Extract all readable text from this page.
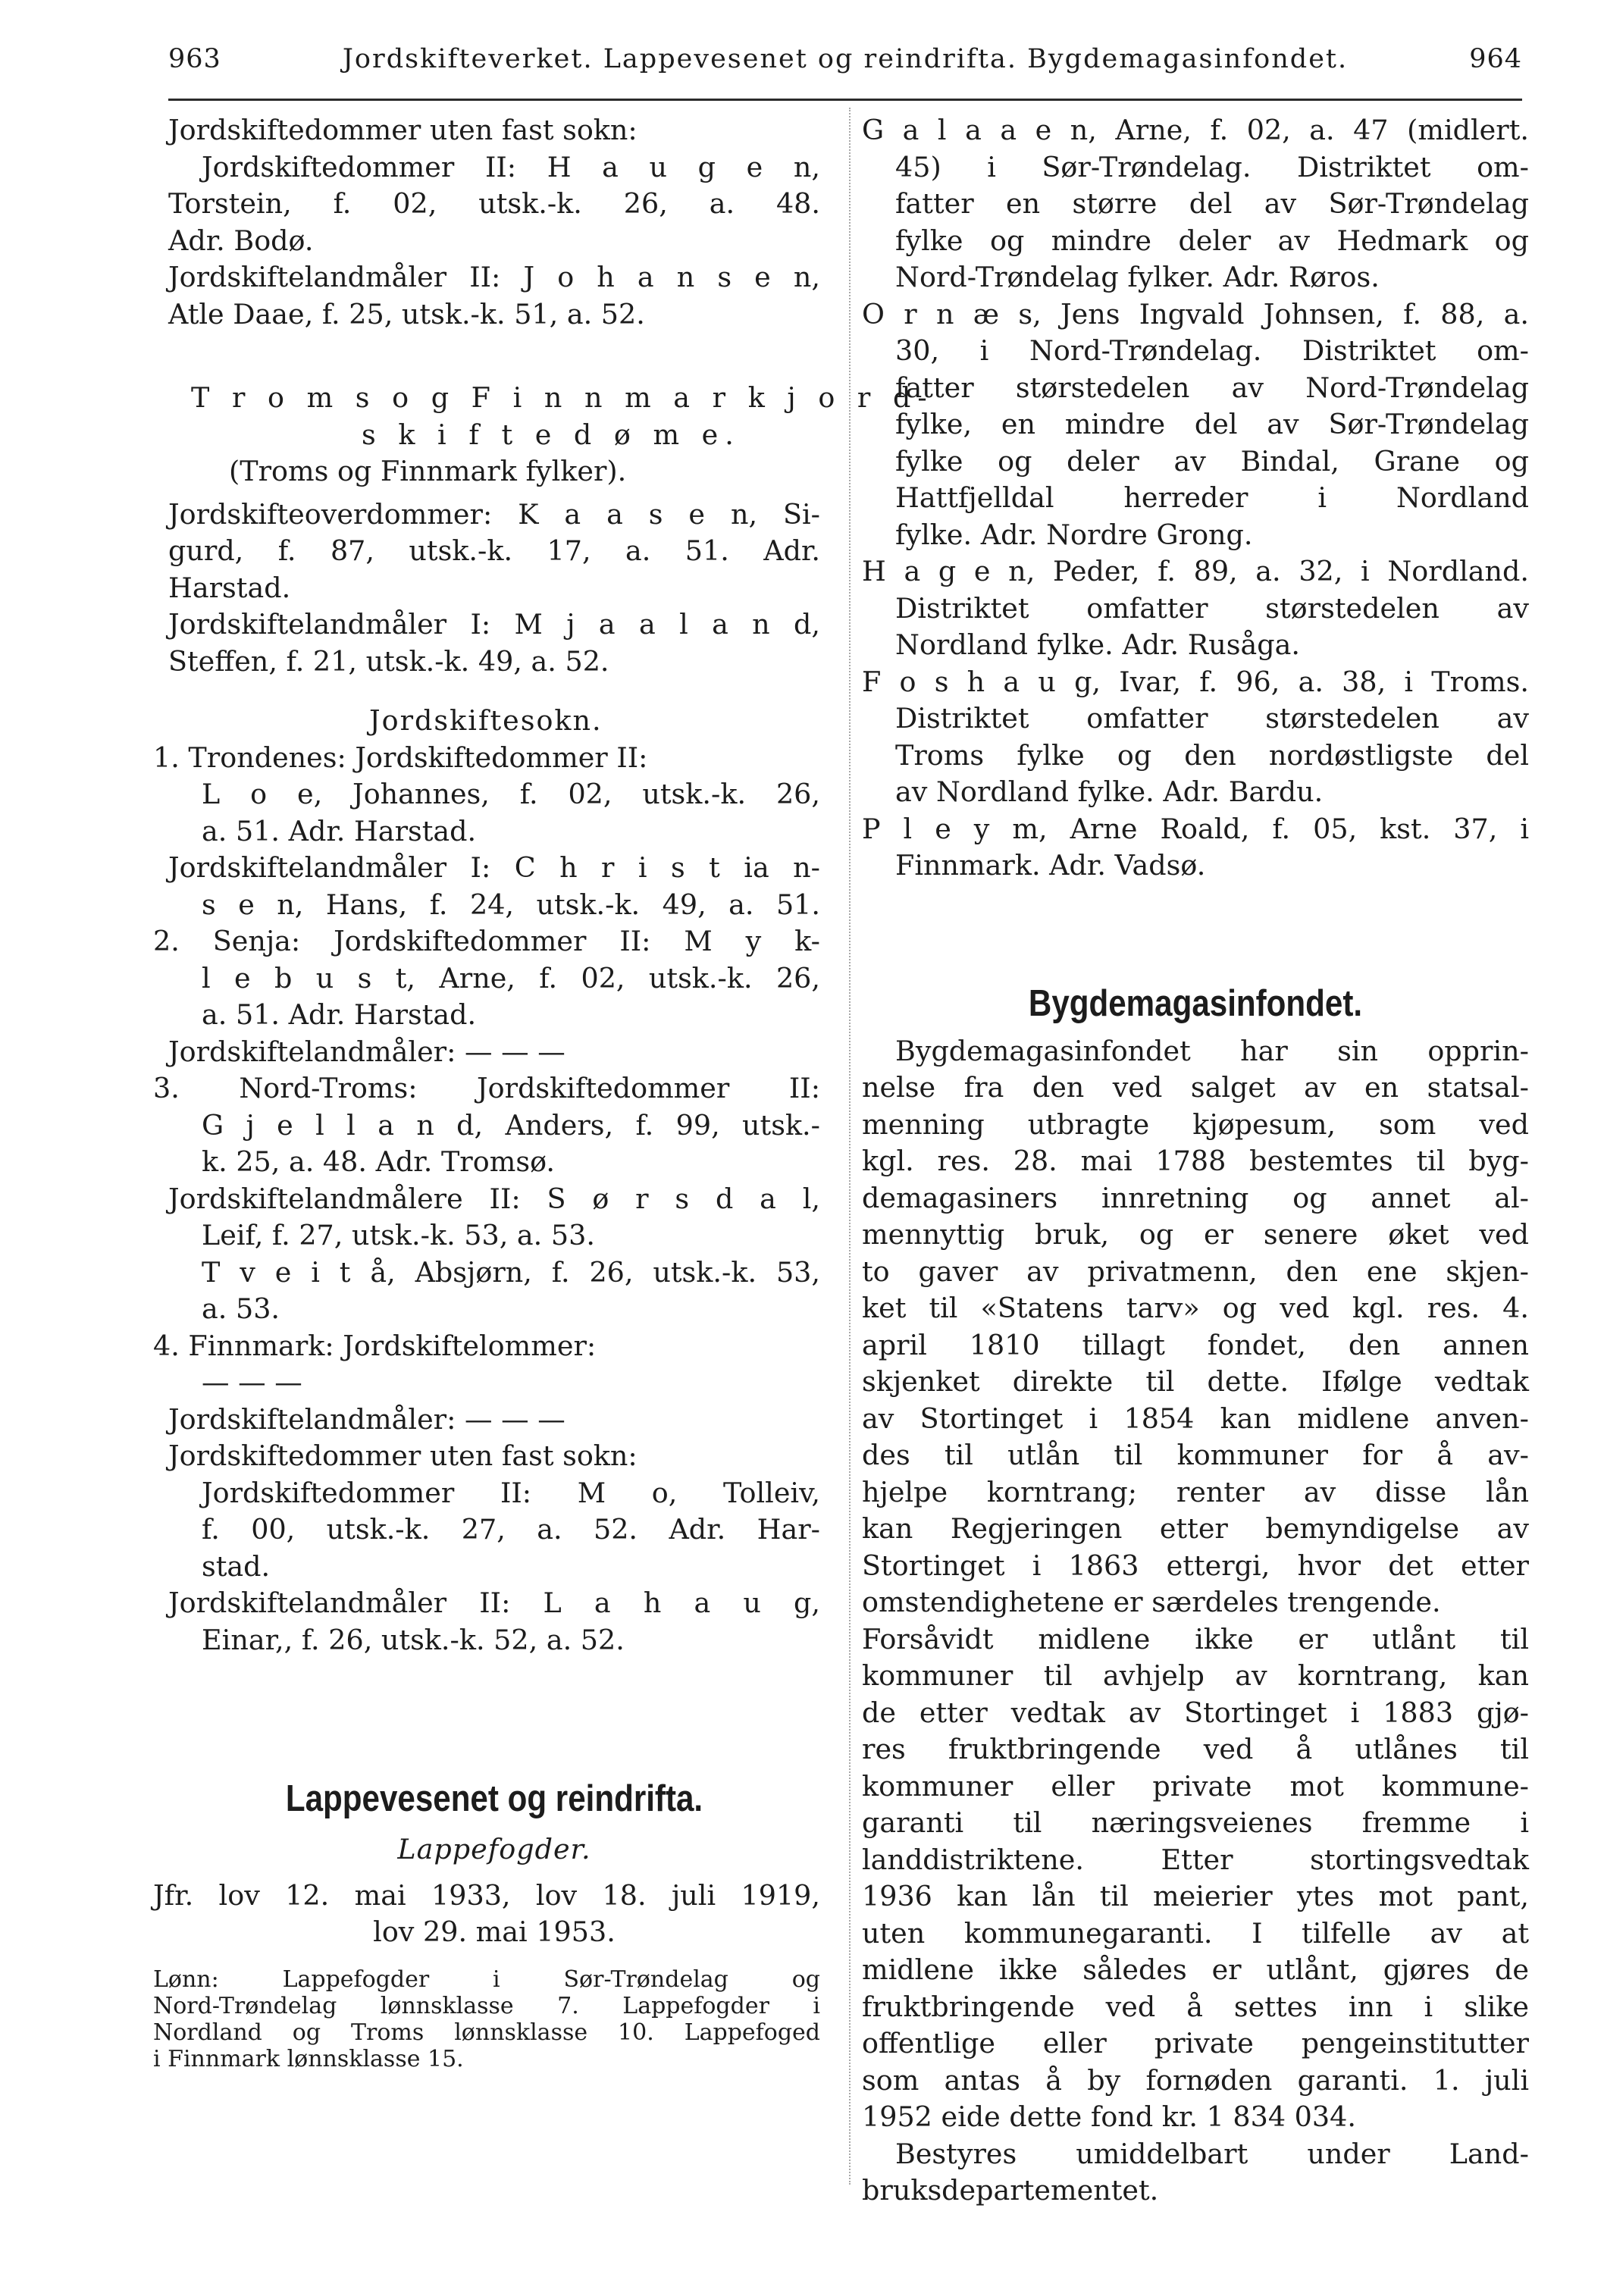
963	Jordskifteverket. Lappevesenet og reindrifta. Bygdemagasinfondet.	964
Jordskiftedommer uten fast sokn:
Jordskiftedommer II: H a u g e n,
Torstein, f. 02, utsk.-k. 26, a. 48.
Adr. Bodø.
Jordskiftelandmåler II: J o h a n s e n,
Atle Daae, f. 25, utsk.-k. 51, a. 52.
T r o m s o g F i n n m a r k j o r d-
s k i f t e d ø m e.
(Troms og Finnmark fylker).
Jordskifteoverdommer: K a a s e n, Si-
gurd, f. 87, utsk.-k. 17, a. 51. Adr.
Harstad.
Jordskiftelandmåler I: M j a a l a n d,
Steffen, f. 21, utsk.-k. 49, a. 52.
Jordskiftesokn.
1. Trondenes: Jordskiftedommer II:
L o e, Johannes, f. 02, utsk.-k. 26,
a. 51. Adr. Harstad.
Jordskiftelandmåler I: C h r i s t ia n-
s e n, Hans, f. 24, utsk.-k. 49, a. 51.
2. Senja: Jordskiftedommer II: M y k-
l e b u s t, Arne, f. 02, utsk.-k. 26,
a. 51. Adr. Harstad.
Jordskiftelandmåler: — — —
3. Nord-Troms: Jordskiftedommer II:
G j e l l a n d, Anders, f. 99, utsk.-
k. 25, a. 48. Adr. Tromsø.
Jordskiftelandmålere II: S ø r s d a l,
Leif, f. 27, utsk.-k. 53, a. 53.
T v e i t å, Absjørn, f. 26, utsk.-k. 53,
a. 53.
4. Finnmark: Jordskiftelommer:
— — —
Jordskiftelandmåler: — — —
Jordskiftedommer uten fast sokn:
Jordskiftedommer II: M o, Tolleiv,
f. 00, utsk.-k. 27, a. 52. Adr. Har-
stad.
Jordskiftelandmåler II: L a h a u g,
Einar,, f. 26, utsk.-k. 52, a. 52.
Lappevesenet og reindrifta.
Lappefogder.
Jfr. lov 12. mai 1933, lov 18. juli 1919,
lov 29. mai 1953.
Lønn: Lappefogder i Sør-Trøndelag og
Nord-Trøndelag lønnsklasse 7. Lappefogder i
Nordland og Troms lønnsklasse 10. Lappefoged
i Finnmark lønnsklasse 15.
G a l a a e n, Arne, f. 02, a. 47 (midlert.
45) i Sør-Trøndelag. Distriktet om-
fatter en større del av Sør-Trøndelag
fylke og mindre deler av Hedmark og
Nord-Trøndelag fylker. Adr. Røros.
O r n æ s, Jens Ingvald Johnsen, f. 88, a.
30, i Nord-Trøndelag. Distriktet om-
fatter størstedelen av Nord-Trøndelag
fylke, en mindre del av Sør-Trøndelag
fylke og deler av Bindal, Grane og
Hattfjelldal herreder i Nordland
fylke. Adr. Nordre Grong.
H a g e n, Peder, f. 89, a. 32, i Nordland.
Distriktet omfatter størstedelen av
Nordland fylke. Adr. Ruså͏ga.
F o s h a u g, Ivar, f. 96, a. 38, i Troms.
Distriktet omfatter størstedelen av
Troms fylke og den nordøstligste del
av Nordland fylke. Adr. Bardu.
P l e y m, Arne Roald, f. 05, kst. 37, i
Finnmark. Adr. Vadsø.
Bygdemagasinfondet.
Bygdemagasinfondet har sin opprin-
nelse fra den ved salget av en statsal-
menning utbragte kjøpesum, som ved
kgl. res. 28. mai 1788 bestemtes til byg-
demagasiners innretning og annet al-
mennyttig bruk, og er senere øket ved
to gaver av privatmenn, den ene skjen-
ket til «Statens tarv» og ved kgl. res. 4.
april 1810 tillagt fondet, den annen
skjenket direkte til dette. Ifølge vedtak
av Stortinget i 1854 kan midlene anven-
des til utlån til kommuner for å av-
hjelpe korntrang; renter av disse lån
kan Regjeringen etter bemyndigelse av
Stortinget i 1863 ettergi, hvor det etter
omstendighetene er særdeles trengende.
Forsåvidt midlene ikke er utlånt til
kommuner til avhjelp av korntrang, kan
de etter vedtak av Stortinget i 1883 gjø-
res fruktbringende ved å utlånes til
kommuner eller private mot kommune-
garanti til næringsveienes fremme i
landdistriktene. Etter stortingsvedtak
1936 kan lån til meierier ytes mot pant,
uten kommunegaranti. I tilfelle av at
midlene ikke således er utlånt, gjøres de
fruktbringende ved å settes inn i slike
offentlige eller private pengeinstitutter
som antas å by fornøden garanti. 1. juli
1952 eide dette fond kr. 1 834 034.
Bestyres umiddelbart under Land-
bruksdepartementet.
